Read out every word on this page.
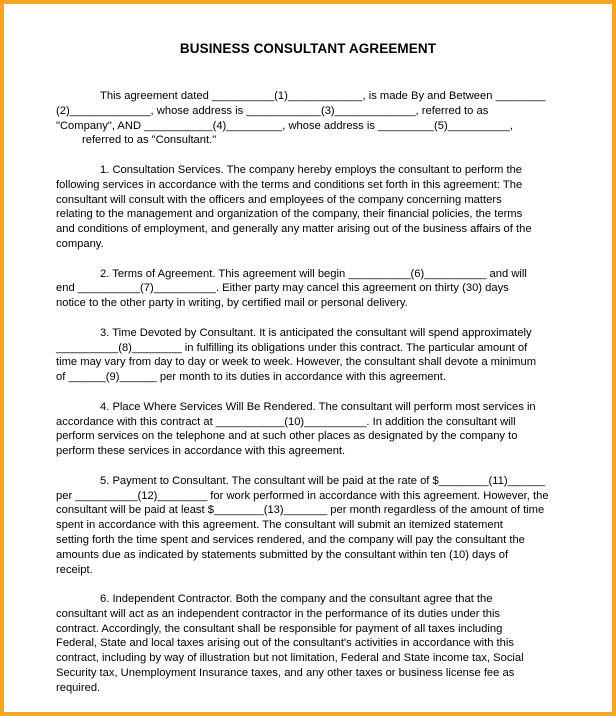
BUSINESS CONSULTANT AGREEMENT

This agreement dated __________(1)____________, is made By and Between ________
(2)_____________, whose address is ____________(3)_____________, referred to as
"Company", AND ___________(4)_________, whose address is _________(5)__________,
referred to as "Consultant."

1. Consultation Services. The company hereby employs the consultant to perform the
following services in accordance with the terms and conditions set forth in this agreement: The
consultant will consult with the officers and employees of the company concerning matters
relating to the management and organization of the company, their financial policies, the terms
and conditions of employment, and generally any matter arising out of the business affairs of the
company.

2. Terms of Agreement. This agreement will begin __________(6)__________ and will
end __________(7)__________. Either party may cancel this agreement on thirty (30) days
notice to the other party in writing, by certified mail or personal delivery.

3. Time Devoted by Consultant. It is anticipated the consultant will spend approximately
__________(8)________ in fulfilling its obligations under this contract. The particular amount of
time may vary from day to day or week to week. However, the consultant shall devote a minimum
of ______(9)______ per month to its duties in accordance with this agreement.

4. Place Where Services Will Be Rendered. The consultant will perform most services in
accordance with this contract at ___________(10)__________. In addition the consultant will
perform services on the telephone and at such other places as designated by the company to
perform these services in accordance with this agreement.

5. Payment to Consultant. The consultant will be paid at the rate of $________(11)______
per __________(12)________ for work performed in accordance with this agreement. However, the
consultant will be paid at least $________(13)_______ per month regardless of the amount of time
spent in accordance with this agreement. The consultant will submit an itemized statement
setting forth the time spent and services rendered, and the company will pay the consultant the
amounts due as indicated by statements submitted by the consultant within ten (10) days of
receipt.

6. Independent Contractor. Both the company and the consultant agree that the
consultant will act as an independent contractor in the performance of its duties under this
contract. Accordingly, the consultant shall be responsible for payment of all taxes including
Federal, State and local taxes arising out of the consultant's activities in accordance with this
contract, including by way of illustration but not limitation, Federal and State income tax, Social
Security tax, Unemployment Insurance taxes, and any other taxes or business license fee as
required.
